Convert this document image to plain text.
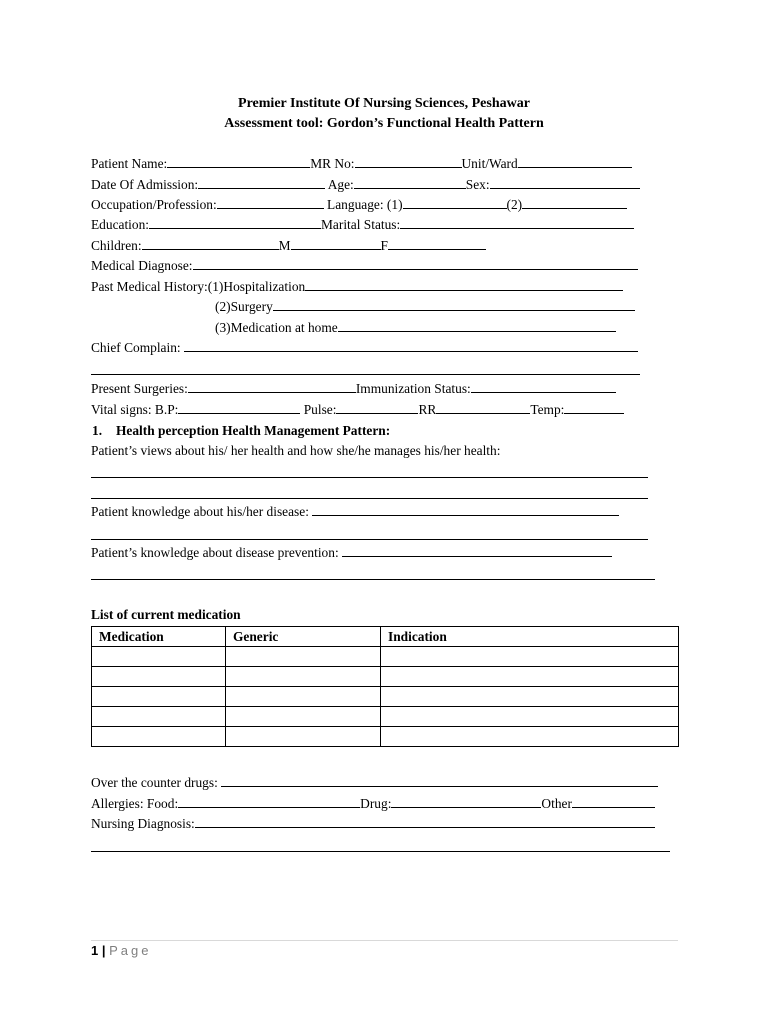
Premier Institute Of Nursing Sciences, Peshawar
Assessment tool: Gordon’s Functional Health Pattern
Patient Name:	MR No:	Unit/Ward
Date Of Admission:	Age:	Sex:
Occupation/Profession:	Language: (1)	(2)
Education:	Marital Status:
Children:	M	F
Medical Diagnose:
Past Medical History:(1)Hospitalization
(2)Surgery
(3)Medication at home
Chief Complain:
Present Surgeries:	Immunization Status:
Vital signs: B.P:	Pulse:	RR	Temp:
1. Health perception Health Management Pattern:
Patient’s views about his/ her health and how she/he manages his/her health:
Patient knowledge about his/her disease:
Patient’s knowledge about disease prevention:
List of current medication
Medication	Generic	Indication

Over the counter drugs:
Allergies: Food:	Drug:	Other
Nursing Diagnosis:
1 | Page
